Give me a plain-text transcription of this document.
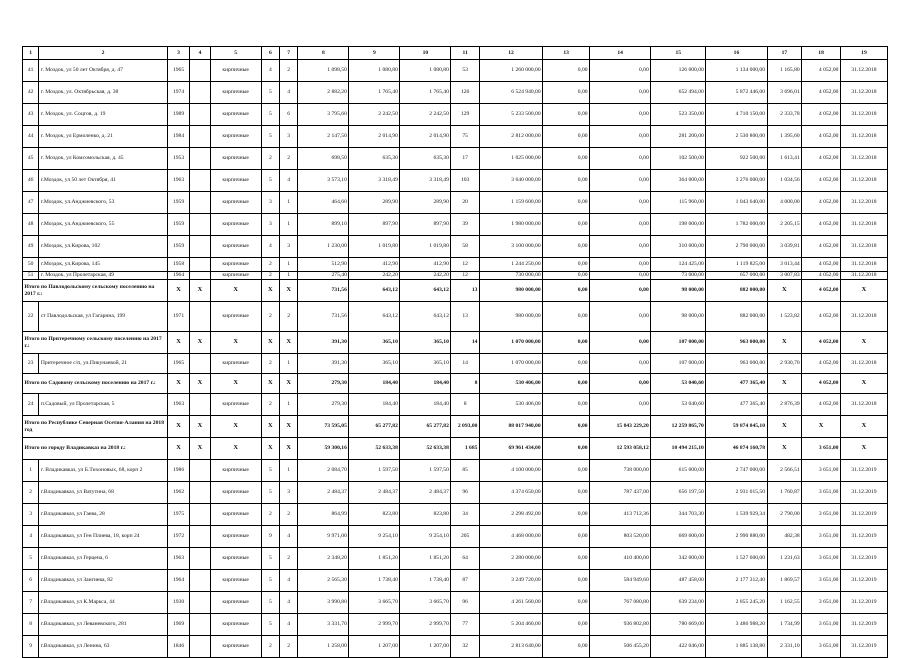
1	2	3	4	5	6	7	8	9	10	11	12	13	14	15	16	17	18	19
41	г. Моздок, ул 50 лет Октября, д. 47	1965		кирпичные	4	2	1 098,50	1 080,80	1 080,80	53	1 260 000,00	0,00	0,00	126 000,00	1 134 000,00	1 165,80	4 052,00	31.12.2018
42	г. Моздок, ул. Октябрьская, д. 38	1974		кирпичные	5	4	2 882,20	1 765,40	1 765,40	126	6 524 940,00	0,00	0,00	652 494,00	5 872 446,00	3 696,01	4 052,00	31.12.2018
43	г. Моздок, ул. Соцгов, д. 19	1989		кирпичные	5	6	3 795,60	2 242,50	2 242,50	129	5 233 500,00	0,00	0,00	523 350,00	4 710 150,00	2 333,78	4 052,00	31.12.2018
44	г. Моздок, ул Ермоленко, д. 21	1984		кирпичные	5	3	2 147,50	2 014,90	2 014,90	75	2 812 000,00	0,00	0,00	281 200,00	2 530 800,00	1 395,60	4 052,00	31.12.2018
45	г. Моздок, ул Комсомольская, д. 45	1953		кирпичные	2	2	698,50	635,30	635,30	17	1 025 000,00	0,00	0,00	102 500,00	922 500,00	1 613,41	4 052,00	31.12.2018
46	г.Моздок, ул 50 лет Октября, 41	1963		кирпичные	5	4	3 573,10	3 318,49	3 318,49	103	3 640 000,00	0,00	0,00	364 000,00	3 276 000,00	1 034,56	4 052,00	31.12.2018
47	г.Моздок, ул.Анджиевского, 53	1959		кирпичные	3	1	464,60	289,90	289,90	20	1 159 600,00	0,00	0,00	115 960,00	1 043 640,00	4 000,00	4 052,00	31.12.2018
48	г.Моздок, ул.Анджиевского, 55	1959		кирпичные	3	1	899,10	897,90	897,90	39	1 980 000,00	0,00	0,00	198 000,00	1 782 000,00	2 205,15	4 052,00	31.12.2018
49	г.Моздок, ул.Кирова, 102	1959		кирпичные	4	3	1 230,00	1 019,80	1 019,80	58	3 100 000,00	0,00	0,00	310 000,00	2 790 000,00	3 039,81	4 052,00	31.12.2018
50	г.Моздок, ул.Кирова, 145	1958		кирпичные	2	1	512,90	412,90	412,90	12	1 244 250,00	0,00	0,00	124 425,00	1 119 825,00	3 013,44	4 052,00	31.12.2018
51	г. Моздок, ул Пролетарская, 49	1964		кирпичные	2	1	275,40	242,20	242,20	12	730 000,00	0,00	0,00	73 000,00	657 000,00	3 007,83	4 052,00	31.12.2018
Итого по Павлодольскому сельскому поселению на 2017 г.:		X	X	X	X	X	731,56	643,12	643,12	13	980 000,00	0,00	0,00	98 000,00	882 000,00	X	4 052,00	X
22	ст Павлодольская, ул Гагарина, 199	1971		кирпичные	2	2	731,56	643,12	643,12	13	980 000,00	0,00	0,00	98 000,00	882 000,00	1 523,82	4 052,00	31.12.2018
Итого по Притеречному сельскому поселению на 2017 г.:		X	X	X	X	X	391,30	365,10	365,10	14	1 070 000,00	0,00	0,00	107 000,00	963 000,00	X	4 052,00	X
23	Притеречное с/п, ул.Пикунаевой, 21	1965		кирпичные	2	1	391,30	365,10	365,10	14	1 070 000,00	0,00	0,00	107 000,00	963 000,00	2 930,70	4 052,00	31.12.2018
Итого по Садовому сельскому поселению на 2017 г.:		X	X	X	X	X	279,30	184,40	184,40	8	530 406,00	0,00	0,00	53 040,60	477 365,40	X	4 052,00	X
24	п.Садовый, ул Пролетарская, 5	1963		кирпичные	2	1	279,30	184,40	184,40	8	530 406,00	0,00	0,00	53 040,60	477 365,40	2 876,39	4 052,00	31.12.2018
Итого по Республике Северная Осетия-Алания на 2018 год		X	X	X	X	X	73 595,05	65 277,82	65 277,82	2 093,00	88 017 940,00	0,00	15 843 229,20	12 259 865,70	59 874 845,10	X	X	X
Итого по городу Владикавказ на 2018 г.:		X	X	X	X	X	59 300,16	52 633,38	52 633,38	1 685	69 961 434,00	0,00	12 593 058,12	10 494 215,10	46 874 160,78	X	3 651,00	X
1	г. Владикавказ, ул Б.Тихоновых, 68, корп 2	1986		кирпичные	5	1	2 084,70	1 597,50	1 597,50	85	4 100 000,00	0,00	738 000,00	615 000,00	2 747 000,00	2 566,51	3 651,00	31.12.2019
2	г.Владикавказ, ул Ватутина, 68	1962		кирпичные	5	3	2 484,37	2 484,37	2 484,37	96	4 374 650,00	0,00	787 437,00	656 197,50	2 931 015,50	1 760,87	3 651,00	31.12.2019
3	г.Владикавказ, ул Гаева, 28	1975		кирпичные	2	2	864,99	823,80	823,80	34	2 298 492,00	0,00	413 712,36	344 703,30	1 539 929,34	2 790,00	3 651,00	31.12.2019
4	г.Владикавказ, ул Ген Плиева, 18, корп 24	1972		кирпичные	9	4	9 971,00	9 254,10	9 254,10	205	4 468 000,00	0,00	803 520,00	669 600,00	2 990 880,00	482,38	3 651,00	31.12.2019
5	г.Владикавказ, ул Герцена, 6	1963		кирпичные	5	2	2 348,20	1 851,20	1 851,20	64	2 280 000,00	0,00	410 400,00	342 000,00	1 527 600,00	1 231,63	3 651,00	31.12.2019
6	г.Владикавказ, ул Зангиева, 82	1964		кирпичные	5	4	2 565,30	1 738,40	1 738,40	87	3 249 720,00	0,00	584 949,60	487 458,00	2 177 312,40	1 869,57	3 651,00	31.12.2019
7	г.Владикавказ, ул К.Маркса, 44	1930		кирпичные	5	4	3 990,80	3 665,70	3 665,70	96	4 261 560,00	0,00	767 080,80	639 234,00	2 855 245,20	1 162,55	3 651,00	31.12.2019
8	г.Владикавказ, ул Леваневского, 281	1969		кирпичные	5	4	3 331,70	2 999,70	2 999,70	77	5 204 460,00	0,00	936 802,80	780 669,00	3 486 988,20	1 734,99	3 651,00	31.12.2019
9	г.Владикавказ, ул Ленина, 63	1846		кирпичные	2	2	1 258,00	1 207,00	1 207,00	32	2 813 640,00	0,00	506 455,20	422 046,00	1 885 138,80	2 331,10	3 651,00	31.12.2019
